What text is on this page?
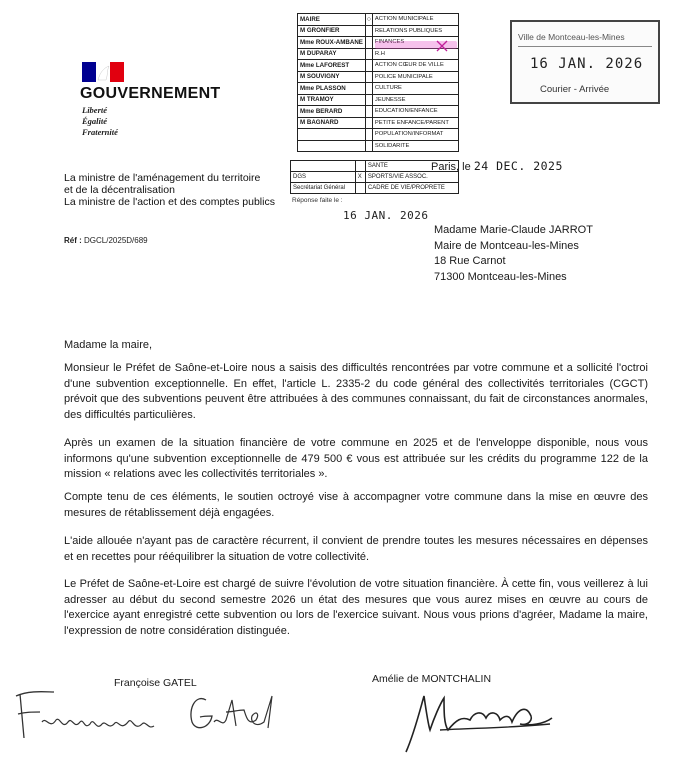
GOUVERNEMENT
Liberté
Égalité
Fraternité
MAIRE	○	ACTION MUNICIPALE
M GRONFIER		RELATIONS PUBLIQUES
Mme ROUX-AMBANE		FINANCES
M DUPARAY		R.H
Mme LAFOREST		ACTION CŒUR DE VILLE
M SOUVIGNY		POLICE MUNICIPALE
Mme PLASSON		CULTURE
M TRAMOY		JEUNESSE
Mme BERARD		EDUCATION/ENFANCE
M BAGNARD		PETITE ENFANCE/PARENT
		POPULATION/INFORMAT
		SOLIDARITE
		SANTE
DGS	X	SPORTS/VIE ASSOC.
Secrétariat Général		CADRE DE VIE/PROPRETE
Réponse faite le :
16 JAN. 2026
Ville de Montceau-les-Mines
16 JAN. 2026
Courier - Arrivée
La ministre de l'aménagement du territoire
et de la décentralisation
La ministre de l'action et des comptes publics
Réf : DGCL/2025D/689
Paris, le 24 DEC. 2025
Madame Marie-Claude JARROT
Maire de Montceau-les-Mines
18 Rue Carnot
71300 Montceau-les-Mines
Madame la maire,
Monsieur le Préfet de Saône-et-Loire nous a saisis des difficultés rencontrées par votre commune et a sollicité l'octroi d'une subvention exceptionnelle. En effet, l'article L. 2335-2 du code général des collectivités territoriales (CGCT) prévoit que des subventions peuvent être attribuées à des communes connaissant, du fait de circonstances anormales, des difficultés particulières.
Après un examen de la situation financière de votre commune en 2025 et de l'enveloppe disponible, nous vous informons qu'une subvention exceptionnelle de 479 500 € vous est attribuée sur les crédits du programme 122 de la mission « relations avec les collectivités territoriales ».
Compte tenu de ces éléments, le soutien octroyé vise à accompagner votre commune dans la mise en œuvre des mesures de rétablissement déjà engagées.
L'aide allouée n'ayant pas de caractère récurrent, il convient de prendre toutes les mesures nécessaires en dépenses et en recettes pour rééquilibrer la situation de votre collectivité.
Le Préfet de Saône-et-Loire est chargé de suivre l'évolution de votre situation financière. À cette fin, vous veillerez à lui adresser au début du second semestre 2026 un état des mesures que vous aurez mises en œuvre au cours de l'exercice ayant enregistré cette subvention ou lors de l'exercice suivant. Nous vous prions d'agréer, Madame la maire, l'expression de notre considération distinguée.
Françoise GATEL	Amélie de MONTCHALIN
